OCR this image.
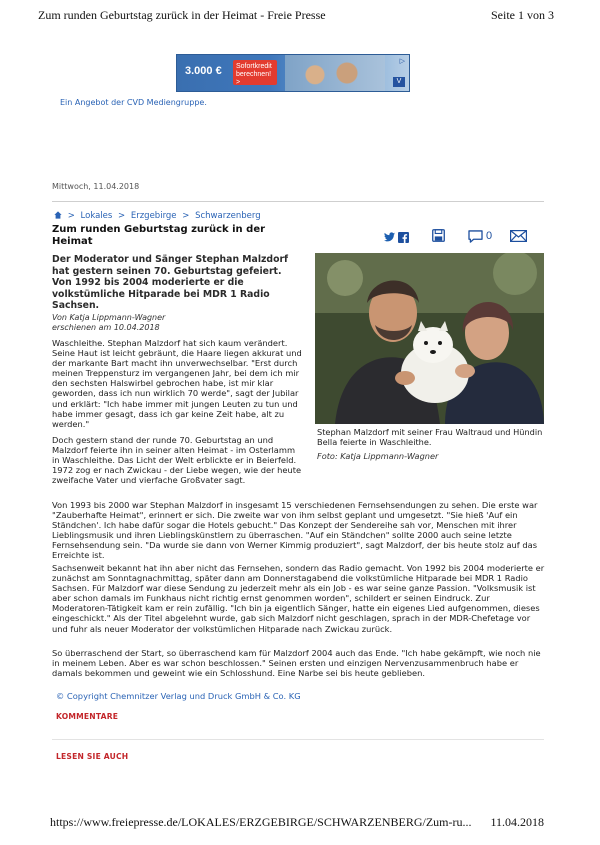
Zum runden Geburtstag zurück in der Heimat - Freie Presse	Seite 1 von 3
3.000 €	Sofortkredit
berechnen! >
▷
V
Ein Angebot der CVD Mediengruppe.
Mittwoch, 11.04.2018
> Lokales > Erzgebirge > Schwarzenberg
Zum runden Geburtstag zurück in der Heimat	0
Der Moderator und Sänger Stephan Malzdorf hat gestern seinen 70. Geburtstag gefeiert. Von 1992 bis 2004 moderierte er die volkstümliche Hitparade bei MDR 1 Radio Sachsen.
Von Katja Lippmann-Wagner
erschienen am 10.04.2018
Stephan Malzdorf mit seiner Frau Waltraud und Hündin Bella feierte in Waschleithe.
Foto: Katja Lippmann-Wagner
Waschleithe. Stephan Malzdorf hat sich kaum verändert. Seine Haut ist leicht gebräunt, die Haare liegen akkurat und der markante Bart macht ihn unverwechselbar. "Erst durch meinen Treppensturz im vergangenen Jahr, bei dem ich mir den sechsten Halswirbel gebrochen habe, ist mir klar geworden, dass ich nun wirklich 70 werde", sagt der Jubilar und erklärt: "Ich habe immer mit jungen Leuten zu tun und habe immer gesagt, dass ich gar keine Zeit habe, alt zu werden."
Doch gestern stand der runde 70. Geburtstag an und Malzdorf feierte ihn in seiner alten Heimat - im Osterlamm in Waschleithe. Das Licht der Welt erblickte er in Beierfeld. 1972 zog er nach Zwickau - der Liebe wegen, wie der heute zweifache Vater und vierfache Großvater sagt.
Von 1993 bis 2000 war Stephan Malzdorf in insgesamt 15 verschiedenen Fernsehsendungen zu sehen. Die erste war "Zauberhafte Heimat", erinnert er sich. Die zweite war von ihm selbst geplant und umgesetzt. "Sie hieß 'Auf ein Ständchen'. Ich habe dafür sogar die Hotels gebucht." Das Konzept der Sendereihe sah vor, Menschen mit ihrer Lieblingsmusik und ihren Lieblingskünstlern zu überraschen. "Auf ein Ständchen" sollte 2000 auch seine letzte Fernsehsendung sein. "Da wurde sie dann von Werner Kimmig produziert", sagt Malzdorf, der bis heute stolz auf das Erreichte ist.
Sachsenweit bekannt hat ihn aber nicht das Fernsehen, sondern das Radio gemacht. Von 1992 bis 2004 moderierte er zunächst am Sonntagnachmittag, später dann am Donnerstagabend die volkstümliche Hitparade bei MDR 1 Radio Sachsen. Für Malzdorf war diese Sendung zu jederzeit mehr als ein Job - es war seine ganze Passion. "Volksmusik ist aber schon damals im Funkhaus nicht richtig ernst genommen worden", schildert er seinen Eindruck. Zur Moderatoren-Tätigkeit kam er rein zufällig. "Ich bin ja eigentlich Sänger, hatte ein eigenes Lied aufgenommen, dieses eingeschickt." Als der Titel abgelehnt wurde, gab sich Malzdorf nicht geschlagen, sprach in der MDR-Chefetage vor und fuhr als neuer Moderator der volkstümlichen Hitparade nach Zwickau zurück.
So überraschend der Start, so überraschend kam für Malzdorf 2004 auch das Ende. "Ich habe gekämpft, wie noch nie in meinem Leben. Aber es war schon beschlossen." Seinen ersten und einzigen Nervenzusammenbruch habe er damals bekommen und geweint wie ein Schlosshund. Eine Narbe sei bis heute geblieben.
© Copyright Chemnitzer Verlag und Druck GmbH & Co. KG
KOMMENTARE
LESEN SIE AUCH
https://www.freiepresse.de/LOKALES/ERZGEBIRGE/SCHWARZENBERG/Zum-ru... 11.04.2018
